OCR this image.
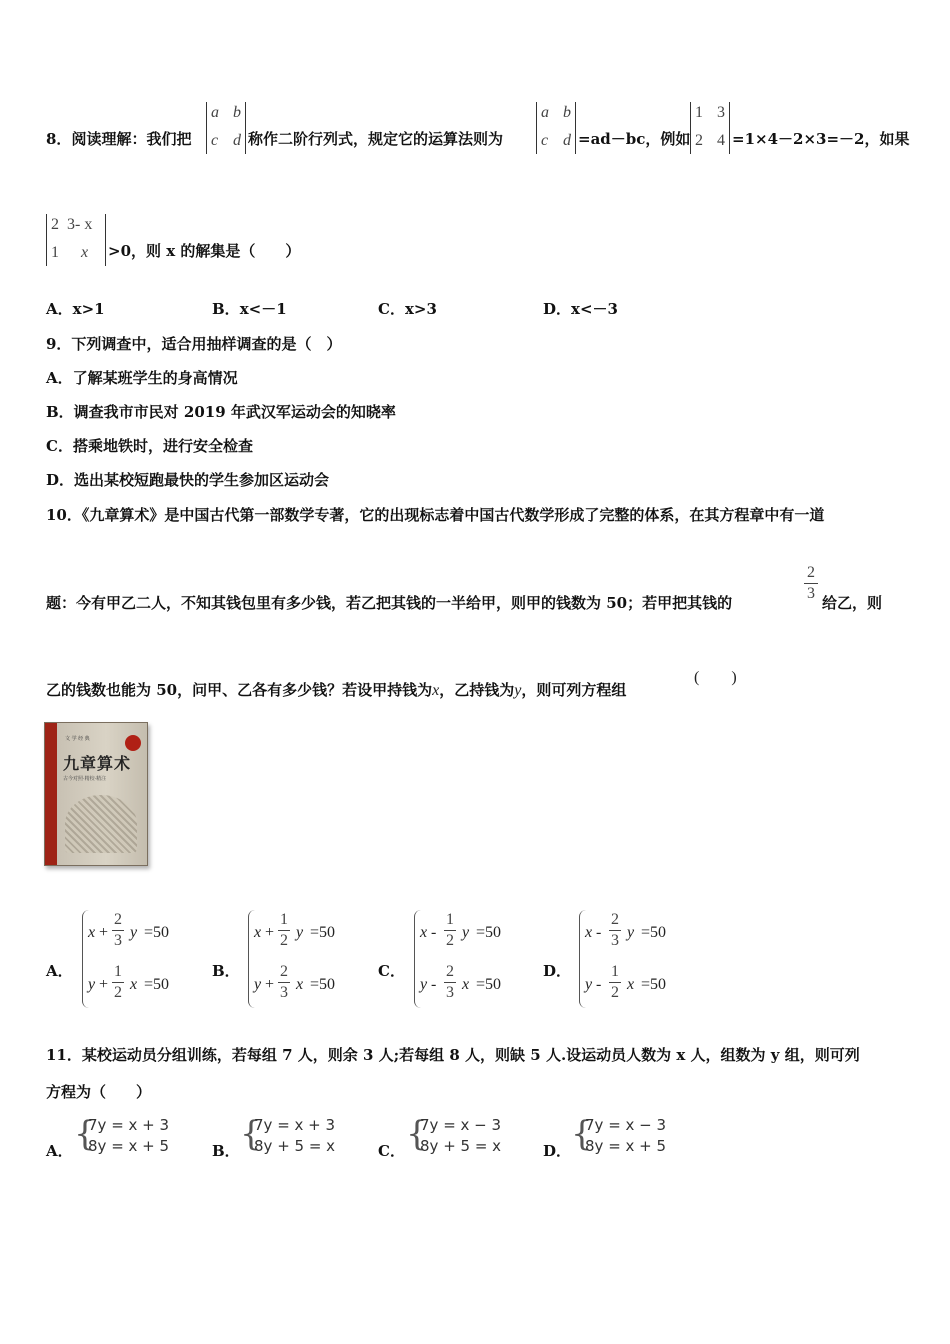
8．阅读理解：我们把
a b
c d 称作二阶行列式，规定它的运算法则为
a b
c d =ad－bc，例如
1 3
2 4 =1×4－2×3=－2，如果
2 3- x
1 x >0，则 x 的解集是（　　）
A．x>1	B．x<－1	C．x>3	D．x<－3
9．下列调查中，适合用抽样调查的是（　）
A．了解某班学生的身高情况
B．调查我市市民对 2019 年武汉军运动会的知晓率
C．搭乘地铁时，进行安全检查
D．选出某校短跑最快的学生参加区运动会
10．《九章算术》是中国古代第一部数学专著，它的出现标志着中国古代数学形成了完整的体系，在其方程章中有一道
题：今有甲乙二人，不知其钱包里有多少钱，若乙把其钱的一半给甲，则甲的钱数为 50；若甲把其钱的
2
3
给乙，则
乙的钱数也能为 50，问甲、乙各有多少钱？若设甲持钱为x，乙持钱为y，则可列方程组
(　　)
文 学 经 典
九章算术
古今对照·精校·精注
A．
x +
2
3 y =50
y +
1
2 x =50
B．
x +
1
2 y =50
y +
2
3 x =50
C．
x -
1
2 y =50
y -
2
3 x =50
D．
x -
2
3 y =50
y -
1
2 x =50
11．某校运动员分组训练，若每组 7 人，则余 3 人;若每组 8 人，则缺 5 人.设运动员人数为 x 人，组数为 y 组，则可列
方程为（　　）
A． {
7y = x + 3
8y = x + 5	B． {
7y = x + 3
8y + 5 = x	C． {
7y = x − 3
8y + 5 = x	D． {
7y = x − 3
8y = x + 5
